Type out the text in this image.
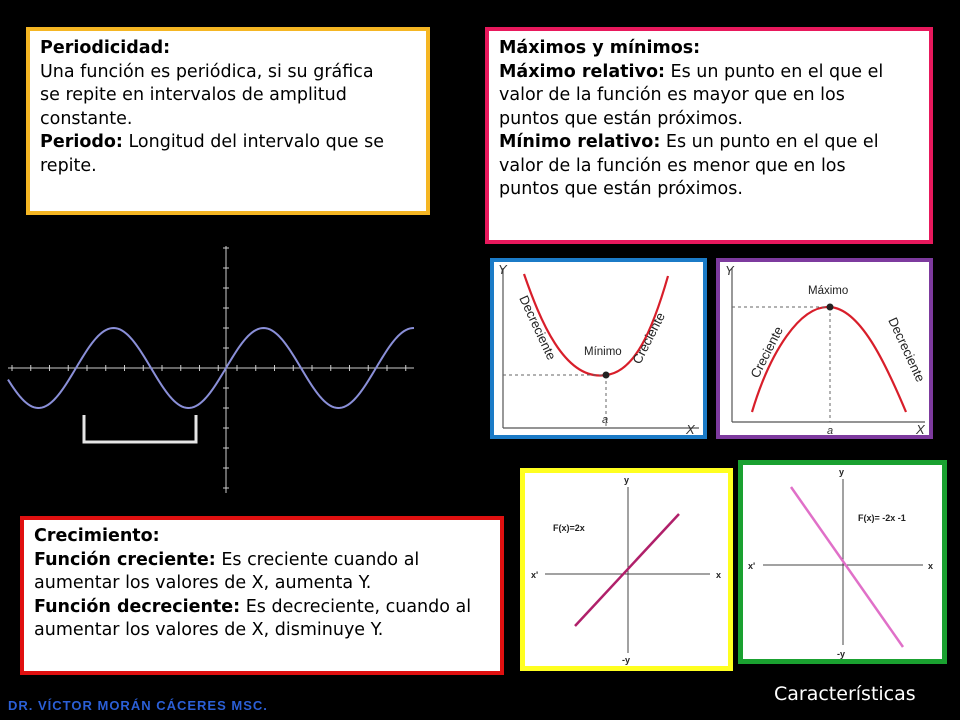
Periodicidad:
Una función es periódica, si su gráfica
se repite en intervalos de amplitud
constante.
Periodo: Longitud del intervalo que se
repite.
Máximos y mínimos:
Máximo relativo: Es un punto en el que el
valor de la función es mayor que en los
puntos que están próximos.
Mínimo relativo: Es un punto en el que el
valor de la función es menor que en los
puntos que están próximos.
Y
X
Mínimo
a
Decreciente	Creciente
Y
X
Máximo
a
Creciente	Decreciente
y
-y
x
x'
F(x)=2x
y
-y
x
x'
F(x)= -2x -1
Crecimiento:
Función creciente: Es creciente cuando al
aumentar los valores de X, aumenta Y.
Función decreciente: Es decreciente, cuando al
aumentar los valores de X, disminuye Y.
DR. VÍCTOR MORÁN CÁCERES MSC.
Características
